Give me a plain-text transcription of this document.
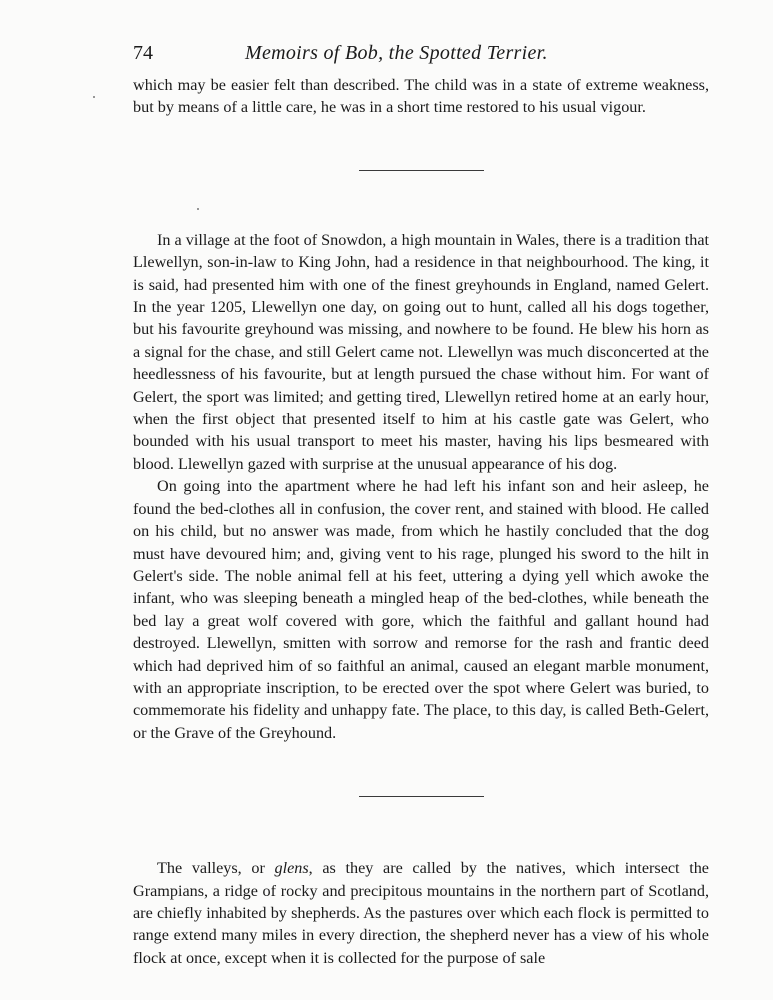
74	Memoirs of Bob, the Spotted Terrier.

which may be easier felt than described. The child was in a state of extreme weakness, but by means of a little care, he was in a short time restored to his usual vigour.

In a village at the foot of Snowdon, a high mountain in Wales, there is a tradition that Llewellyn, son-in-law to King John, had a residence in that neighbourhood. The king, it is said, had presented him with one of the finest greyhounds in England, named Gelert. In the year 1205, Llewellyn one day, on going out to hunt, called all his dogs together, but his favourite greyhound was missing, and nowhere to be found. He blew his horn as a signal for the chase, and still Gelert came not. Llewellyn was much disconcerted at the heedlessness of his favourite, but at length pursued the chase without him. For want of Gelert, the sport was limited; and getting tired, Llewellyn retired home at an early hour, when the first object that presented itself to him at his castle gate was Gelert, who bounded with his usual transport to meet his master, having his lips besmeared with blood. Llewellyn gazed with surprise at the unusual appearance of his dog.

On going into the apartment where he had left his infant son and heir asleep, he found the bed-clothes all in confusion, the cover rent, and stained with blood. He called on his child, but no answer was made, from which he hastily concluded that the dog must have devoured him; and, giving vent to his rage, plunged his sword to the hilt in Gelert's side. The noble animal fell at his feet, uttering a dying yell which awoke the infant, who was sleeping beneath a mingled heap of the bed-clothes, while beneath the bed lay a great wolf covered with gore, which the faithful and gallant hound had destroyed. Llewellyn, smitten with sorrow and remorse for the rash and frantic deed which had deprived him of so faithful an animal, caused an elegant marble monument, with an appropriate inscription, to be erected over the spot where Gelert was buried, to commemorate his fidelity and unhappy fate. The place, to this day, is called Beth-Gelert, or the Grave of the Greyhound.

The valleys, or glens, as they are called by the natives, which intersect the Grampians, a ridge of rocky and precipitous mountains in the northern part of Scotland, are chiefly inhabited by shepherds. As the pastures over which each flock is permitted to range extend many miles in every direction, the shepherd never has a view of his whole flock at once, except when it is collected for the purpose of sale
